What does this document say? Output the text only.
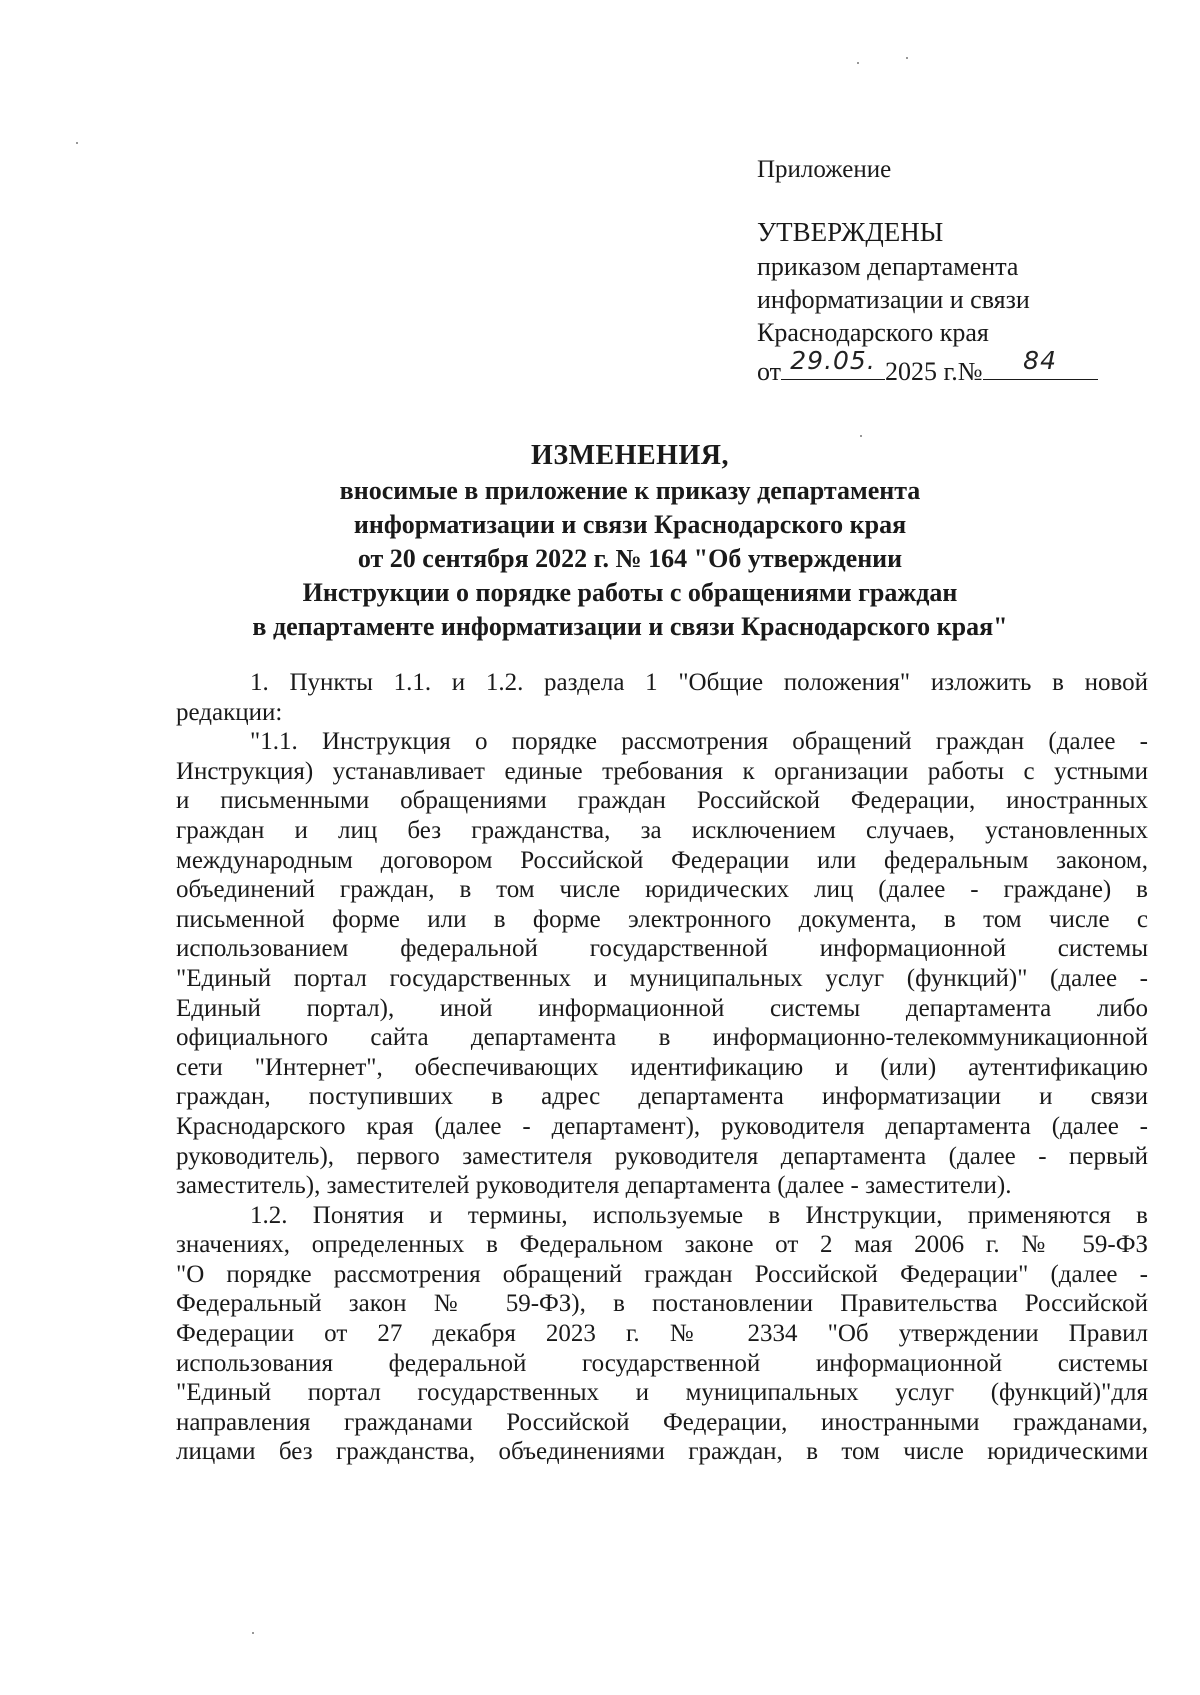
Приложение
УТВЕРЖДЕНЫ
приказом департамента
информатизации и связи
Краснодарского края
от 29.05. 2025 г.№	84
ИЗМЕНЕНИЯ,
вносимые в приложение к приказу департамента
информатизации и связи Краснодарского края
от 20 сентября 2022 г. № 164 "Об утверждении
Инструкции о порядке работы с обращениями граждан
в департаменте информатизации и связи Краснодарского края"
1. Пункты 1.1. и 1.2. раздела 1 "Общие положения" изложить в новой
редакции:
"1.1. Инструкция о порядке рассмотрения обращений граждан (далее -
Инструкция) устанавливает единые требования к организации работы с устными
и письменными обращениями граждан Российской Федерации, иностранных
граждан и лиц без гражданства, за исключением случаев, установленных
международным договором Российской Федерации или федеральным законом,
объединений граждан, в том числе юридических лиц (далее - граждане) в
письменной форме или в форме электронного документа, в том числе с
использованием федеральной государственной информационной системы
"Единый портал государственных и муниципальных услуг (функций)" (далее -
Единый портал), иной информационной системы департамента либо
официального сайта департамента в информационно-телекоммуникационной
сети "Интернет", обеспечивающих идентификацию и (или) аутентификацию
граждан, поступивших в адрес департамента информатизации и связи
Краснодарского края (далее - департамент), руководителя департамента (далее -
руководитель), первого заместителя руководителя департамента (далее - первый
заместитель), заместителей руководителя департамента (далее - заместители).
1.2. Понятия и термины, используемые в Инструкции, применяются в
значениях, определенных в Федеральном законе от 2 мая 2006 г. № 59-ФЗ
"О порядке рассмотрения обращений граждан Российской Федерации" (далее -
Федеральный закон № 59-ФЗ), в постановлении Правительства Российской
Федерации от 27 декабря 2023 г. № 2334 "Об утверждении Правил
использования федеральной государственной информационной системы
"Единый портал государственных и муниципальных услуг (функций)"для
направления гражданами Российской Федерации, иностранными гражданами,
лицами без гражданства, объединениями граждан, в том числе юридическими
